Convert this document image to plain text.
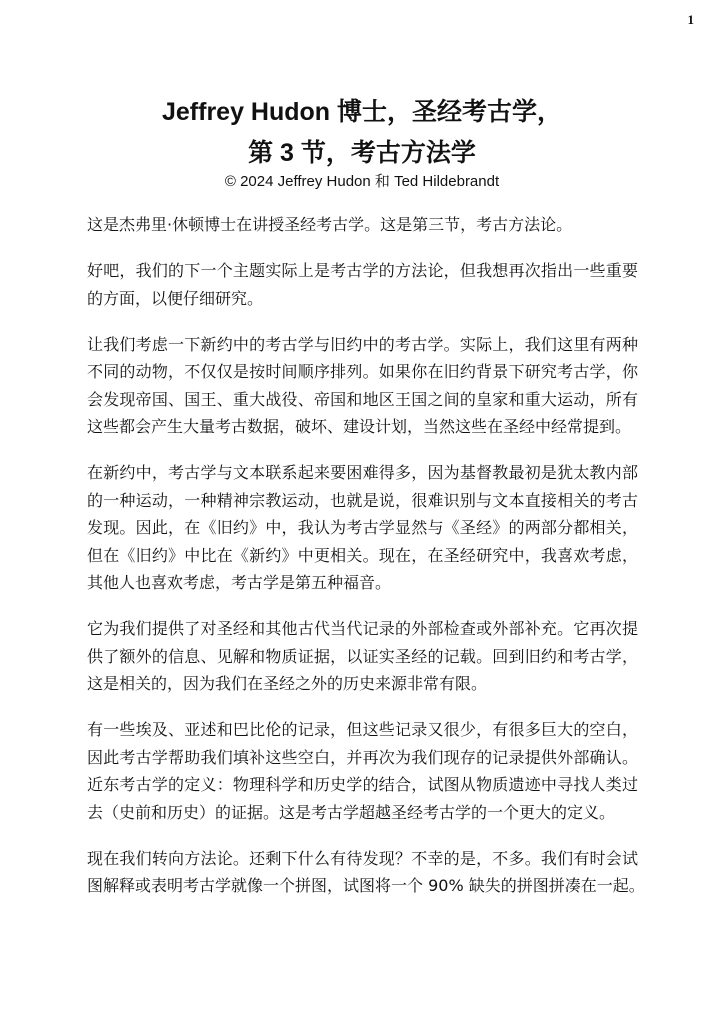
1
Jeffrey Hudon 博士，圣经考古学，
第 3 节，考古方法学
© 2024 Jeffrey Hudon 和 Ted Hildebrandt
这是杰弗里·休顿博士在讲授圣经考古学。这是第三节，考古方法论。
好吧，我们的下一个主题实际上是考古学的方法论，但我想再次指出一些重要
的方面，以便仔细研究。
让我们考虑一下新约中的考古学与旧约中的考古学。实际上，我们这里有两种
不同的动物，不仅仅是按时间顺序排列。如果你在旧约背景下研究考古学，你
会发现帝国、国王、重大战役、帝国和地区王国之间的皇家和重大运动，所有
这些都会产生大量考古数据，破坏、建设计划，当然这些在圣经中经常提到。
在新约中，考古学与文本联系起来要困难得多，因为基督教最初是犹太教内部
的一种运动，一种精神宗教运动，也就是说，很难识别与文本直接相关的考古
发现。因此，在《旧约》中，我认为考古学显然与《圣经》的两部分都相关，
但在《旧约》中比在《新约》中更相关。现在，在圣经研究中，我喜欢考虑，
其他人也喜欢考虑，考古学是第五种福音。
它为我们提供了对圣经和其他古代当代记录的外部检查或外部补充。它再次提
供了额外的信息、见解和物质证据，以证实圣经的记载。回到旧约和考古学，
这是相关的，因为我们在圣经之外的历史来源非常有限。
有一些埃及、亚述和巴比伦的记录，但这些记录又很少，有很多巨大的空白，
因此考古学帮助我们填补这些空白，并再次为我们现存的记录提供外部确认。
近东考古学的定义：物理科学和历史学的结合，试图从物质遗迹中寻找人类过
去（史前和历史）的证据。这是考古学超越圣经考古学的一个更大的定义。
现在我们转向方法论。还剩下什么有待发现？不幸的是，不多。我们有时会试
图解释或表明考古学就像一个拼图，试图将一个 90% 缺失的拼图拼凑在一起。
